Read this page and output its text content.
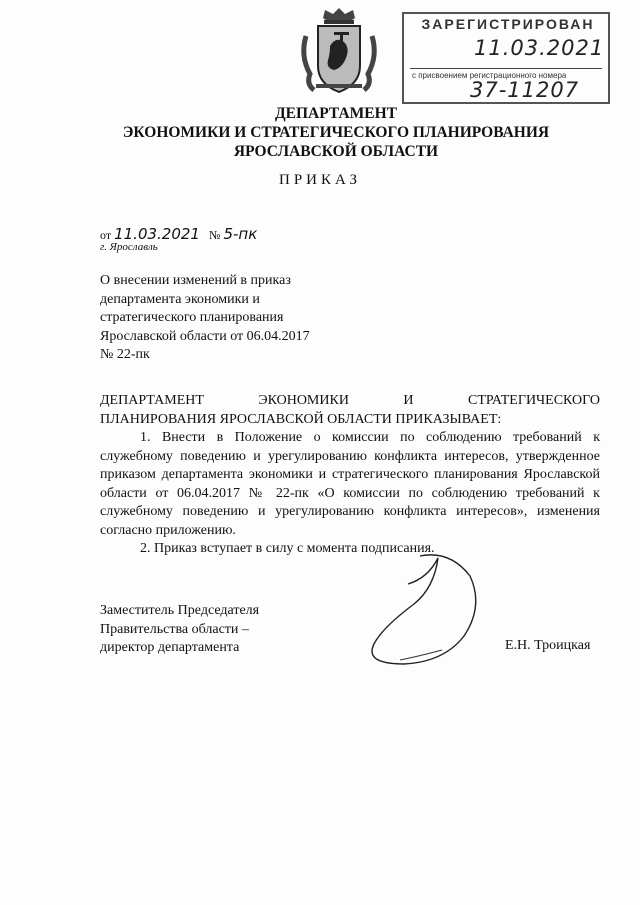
ЗАРЕГИСТРИРОВАН
11.03.2021
с присвоением регистрационного номера
37-11207
ДЕПАРТАМЕНТ
ЭКОНОМИКИ И СТРАТЕГИЧЕСКОГО ПЛАНИРОВАНИЯ
ЯРОСЛАВСКОЙ ОБЛАСТИ
ПРИКАЗ
от 11.03.2021 № 5-пк
г. Ярославль
О внесении изменений в приказ
департамента экономики и
стратегического планирования
Ярославской области от 06.04.2017
№ 22-пк

ДЕПАРТАМЕНТ ЭКОНОМИКИ И СТРАТЕГИЧЕСКОГО

ПЛАНИРОВАНИЯ ЯРОСЛАВСКОЙ ОБЛАСТИ ПРИКАЗЫВАЕТ:

1. Внести в Положение о комиссии по соблюдению требований к служебному поведению и урегулированию конфликта интересов, утвержденное приказом департамента экономики и стратегического планирования Ярославской области от 06.04.2017 № 22-пк «О комиссии по соблюдению требований к служебному поведению и урегулированию конфликта интересов», изменения согласно приложению.

2. Приказ вступает в силу с момента подписания.

Заместитель Председателя
Правительства области –
директор департамента	Е.Н. Троицкая
